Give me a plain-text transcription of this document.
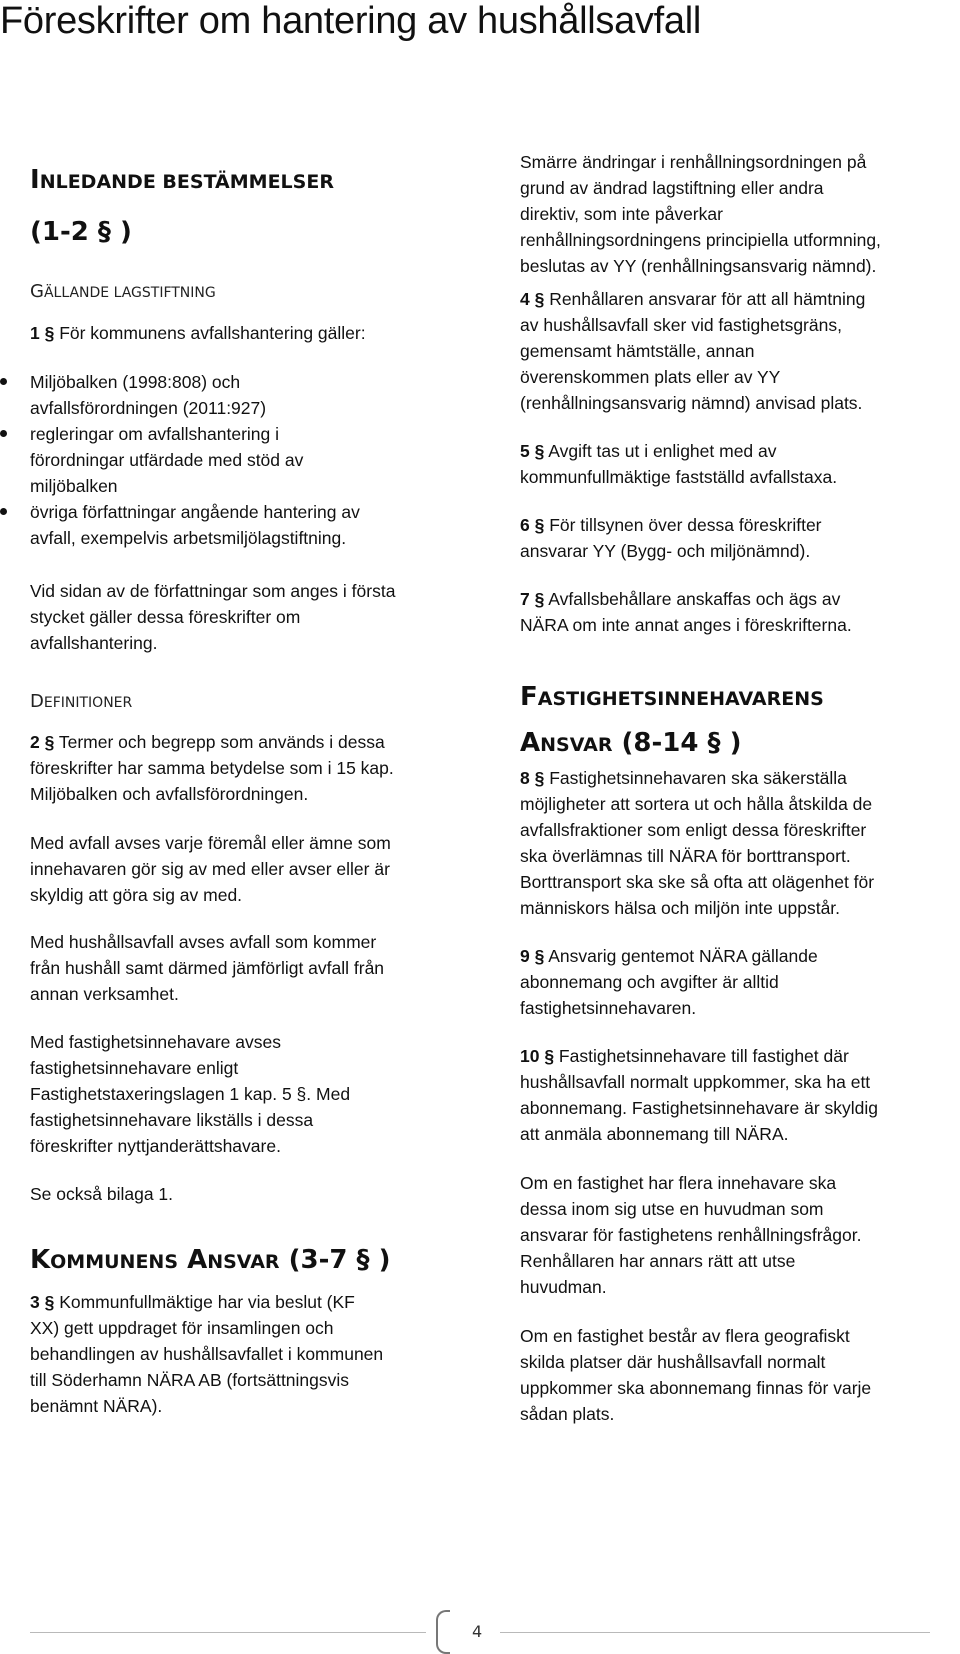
Föreskrifter om hantering av hushållsavfall
INLEDANDE BESTÄMMELSER
(1-2 § )
GÄLLANDE LAGSTIFTNING

1 § För kommunens avfallshantering gäller:

Miljöbalken (1998:808) och
avfallsförordningen (2011:927)
regleringar om avfallshantering i
förordningar utfärdade med stöd av
miljöbalken
övriga författningar angående hantering av
avfall, exempelvis arbetsmiljölagstiftning.

Vid sidan av de författningar som anges i första

stycket gäller dessa föreskrifter om

avfallshantering.

DEFINITIONER

2 § Termer och begrepp som används i dessa

föreskrifter har samma betydelse som i 15 kap.

Miljöbalken och avfallsförordningen.

Med avfall avses varje föremål eller ämne som

innehavaren gör sig av med eller avser eller är

skyldig att göra sig av med.

Med hushållsavfall avses avfall som kommer

från hushåll samt därmed jämförligt avfall från

annan verksamhet.

Med fastighetsinnehavare avses

fastighetsinnehavare enligt

Fastighetstaxeringslagen 1 kap. 5 §. Med

fastighetsinnehavare likställs i dessa

föreskrifter nyttjanderättshavare.

Se också bilaga 1.

KOMMUNENS ANSVAR (3-7 § )

3 § Kommunfullmäktige har via beslut (KF

XX) gett uppdraget för insamlingen och

behandlingen av hushållsavfallet i kommunen

till Söderhamn NÄRA AB (fortsättningsvis

benämnt NÄRA).

Smärre ändringar i renhållningsordningen på

grund av ändrad lagstiftning eller andra

direktiv, som inte påverkar

renhållningsordningens principiella utformning,

beslutas av YY (renhållningsansvarig nämnd).

4 § Renhållaren ansvarar för att all hämtning

av hushållsavfall sker vid fastighetsgräns,

gemensamt hämtställe, annan

överenskommen plats eller av YY

(renhållningsansvarig nämnd) anvisad plats.

5 § Avgift tas ut i enlighet med av

kommunfullmäktige fastställd avfallstaxa.

6 § För tillsynen över dessa föreskrifter

ansvarar YY (Bygg- och miljönämnd).

7 § Avfallsbehållare anskaffas och ägs av

NÄRA om inte annat anges i föreskrifterna.

FASTIGHETSINNEHAVARENS
ANSVAR (8-14 § )

8 § Fastighetsinnehavaren ska säkerställa

möjligheter att sortera ut och hålla åtskilda de

avfallsfraktioner som enligt dessa föreskrifter

ska överlämnas till NÄRA för borttransport.

Borttransport ska ske så ofta att olägenhet för

människors hälsa och miljön inte uppstår.

9 § Ansvarig gentemot NÄRA gällande

abonnemang och avgifter är alltid

fastighetsinnehavaren.

10 § Fastighetsinnehavare till fastighet där

hushållsavfall normalt uppkommer, ska ha ett

abonnemang. Fastighetsinnehavare är skyldig

att anmäla abonnemang till NÄRA.

Om en fastighet har flera innehavare ska

dessa inom sig utse en huvudman som

ansvarar för fastighetens renhållningsfrågor.

Renhållaren har annars rätt att utse

huvudman.

Om en fastighet består av flera geografiskt

skilda platser där hushållsavfall normalt

uppkommer ska abonnemang finnas för varje

sådan plats.

4
